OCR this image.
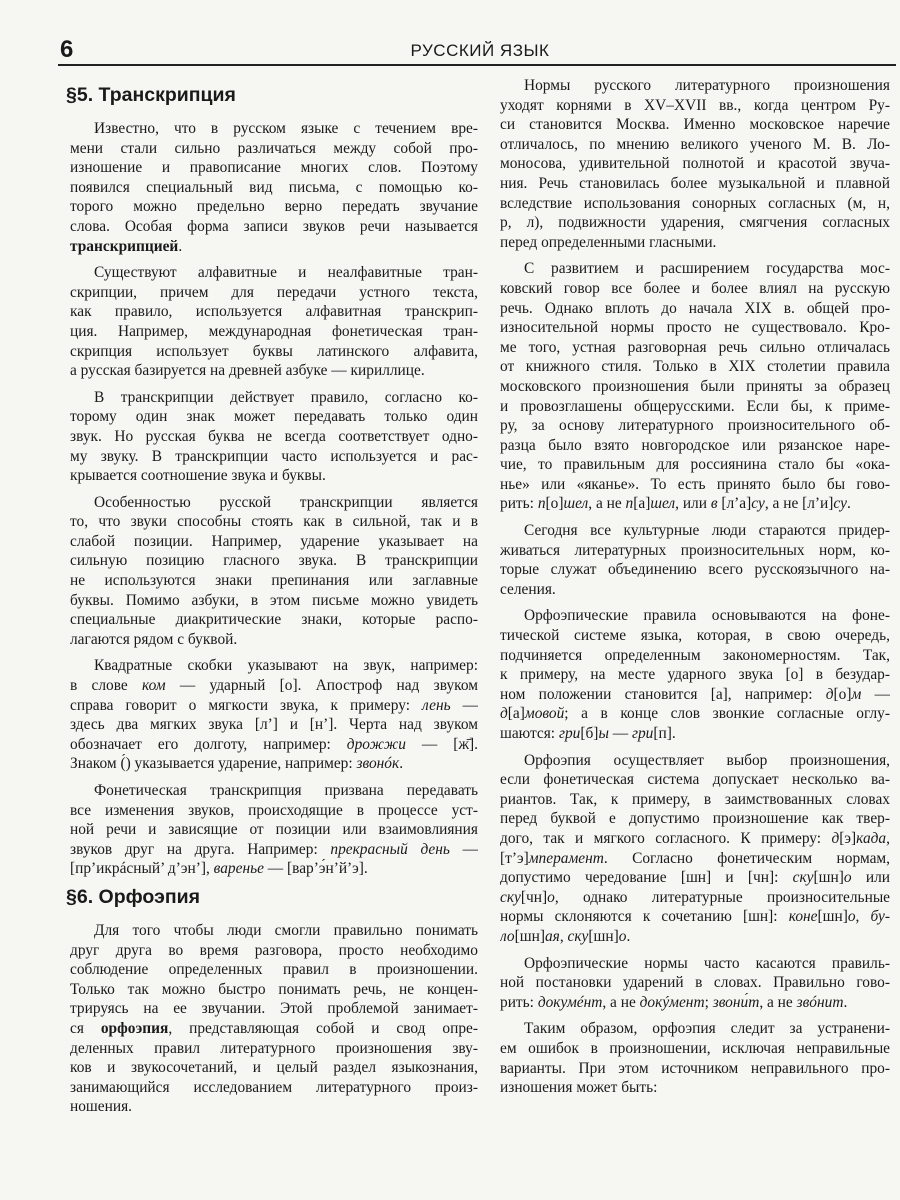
6	РУССКИЙ ЯЗЫК
§5. Транскрипция
Известно, что в русском языке с течением вре-
мени стали сильно различаться между собой про-
изношение и правописание многих слов. Поэтому
появился специальный вид письма, с помощью ко-
торого можно предельно верно передать звучание
слова. Особая форма записи звуков речи называется
транскрипцией.
Существуют алфавитные и неалфавитные тран-
скрипции, причем для передачи устного текста,
как правило, используется алфавитная транскрип-
ция. Например, международная фонетическая тран-
скрипция использует буквы латинского алфавита,
а русская базируется на древней азбуке — кириллице.
В транскрипции действует правило, согласно ко-
торому один знак может передавать только один
звук. Но русская буква не всегда соответствует одно-
му звуку. В транскрипции часто используется и рас-
крывается соотношение звука и буквы.
Особенностью русской транскрипции является
то, что звуки способны стоять как в сильной, так и в
слабой позиции. Например, ударение указывает на
сильную позицию гласного звука. В транскрипции
не используются знаки препинания или заглавные
буквы. Помимо азбуки, в этом письме можно увидеть
специальные диакритические знаки, которые распо-
лагаются рядом с буквой.
Квадратные скобки указывают на звук, например:
в слове ком — ударный [о]. Апостроф над звуком
справа говорит о мягкости звука, к примеру: лень —
здесь два мягких звука [л’] и [н’]. Черта над звуком
обозначает его долготу, например: дрожжи — [ж̄].
Знаком (́) указывается ударение, например: звонóк.
Фонетическая транскрипция призвана передавать
все изменения звуков, происходящие в процессе уст-
ной речи и зависящие от позиции или взаимовлияния
звуков друг на друга. Например: прекрасный день —
[пр’икрáсный’ д’эн’], варенье — [вар’э́н’й’э].
§6. Орфоэпия
Для того чтобы люди смогли правильно понимать
друг друга во время разговора, просто необходимо
соблюдение определенных правил в произношении.
Только так можно быстро понимать речь, не концен-
трируясь на ее звучании. Этой проблемой занимает-
ся орфоэпия, представляющая собой и свод опре-
деленных правил литературного произношения зву-
ков и звукосочетаний, и целый раздел языкознания,
занимающийся исследованием литературного произ-
ношения.
Нормы русского литературного произношения
уходят корнями в XV–XVII вв., когда центром Ру-
си становится Москва. Именно московское наречие
отличалось, по мнению великого ученого М. В. Ло-
моносова, удивительной полнотой и красотой звуча-
ния. Речь становилась более музыкальной и плавной
вследствие использования сонорных согласных (м, н,
р, л), подвижности ударения, смягчения согласных
перед определенными гласными.
С развитием и расширением государства мос-
ковский говор все более и более влиял на русскую
речь. Однако вплоть до начала XIX в. общей про-
износительной нормы просто не существовало. Кро-
ме того, устная разговорная речь сильно отличалась
от книжного стиля. Только в XIX столетии правила
московского произношения были приняты за образец
и провозглашены общерусскими. Если бы, к приме-
ру, за основу литературного произносительного об-
разца было взято новгородское или рязанское наре-
чие, то правильным для россиянина стало бы «ока-
нье» или «яканье». То есть принято было бы гово-
рить: п[о]шел, а не п[а]шел, или в [л’а]су, а не [л’и]су.
Сегодня все культурные люди стараются придер-
живаться литературных произносительных норм, ко-
торые служат объединению всего русскоязычного на-
селения.
Орфоэпические правила основываются на фоне-
тической системе языка, которая, в свою очередь,
подчиняется определенным закономерностям. Так,
к примеру, на месте ударного звука [о] в безудар-
ном положении становится [а], например: д[о]м —
д[а]мовой; а в конце слов звонкие согласные оглу-
шаются: гри[б]ы — гри[п].
Орфоэпия осуществляет выбор произношения,
если фонетическая система допускает несколько ва-
риантов. Так, к примеру, в заимствованных словах
перед буквой е допустимо произношение как твер-
дого, так и мягкого согласного. К примеру: д[э]када,
[т’э]мперамент. Согласно фонетическим нормам,
допустимо чередование [шн] и [чн]: ску[шн]о или
ску[чн]о, однако литературные произносительные
нормы склоняются к сочетанию [шн]: коне[шн]о, бу-
ло[шн]ая, ску[шн]о.
Орфоэпические нормы часто касаются правиль-
ной постановки ударений в словах. Правильно гово-
рить: докумéнт, а не докýмент; звони́т, а не звóнит.
Таким образом, орфоэпия следит за устранени-
ем ошибок в произношении, исключая неправильные
варианты. При этом источником неправильного про-
изношения может быть:
